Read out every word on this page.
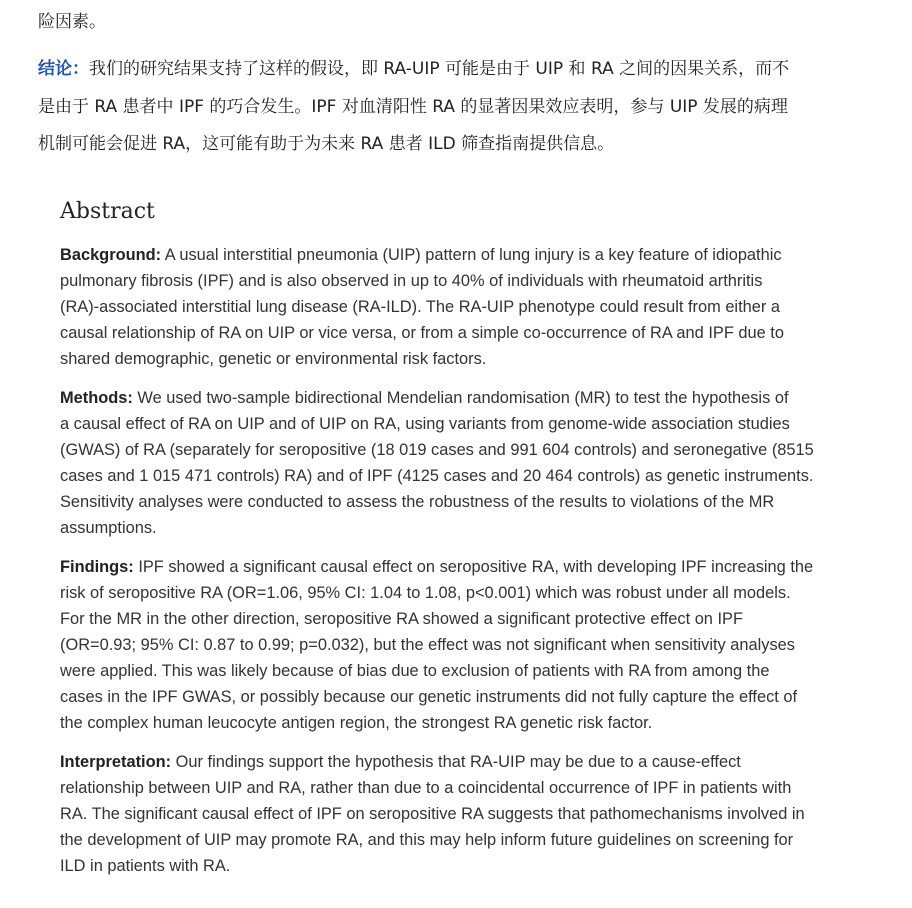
险因素。
结论：我们的研究结果支持了这样的假设，即 RA-UIP 可能是由于 UIP 和 RA 之间的因果关系，而不
是由于 RA 患者中 IPF 的巧合发生。IPF 对血清阳性 RA 的显著因果效应表明，参与 UIP 发展的病理
机制可能会促进 RA，这可能有助于为未来 RA 患者 ILD 筛查指南提供信息。
Abstract
Background: A usual interstitial pneumonia (UIP) pattern of lung injury is a key feature of idiopathic
pulmonary fibrosis (IPF) and is also observed in up to 40% of individuals with rheumatoid arthritis
(RA)-associated interstitial lung disease (RA-ILD). The RA-UIP phenotype could result from either a
causal relationship of RA on UIP or vice versa, or from a simple co-occurrence of RA and IPF due to
shared demographic, genetic or environmental risk factors.
Methods: We used two-sample bidirectional Mendelian randomisation (MR) to test the hypothesis of
a causal effect of RA on UIP and of UIP on RA, using variants from genome-wide association studies
(GWAS) of RA (separately for seropositive (18 019 cases and 991 604 controls) and seronegative (8515
cases and 1 015 471 controls) RA) and of IPF (4125 cases and 20 464 controls) as genetic instruments.
Sensitivity analyses were conducted to assess the robustness of the results to violations of the MR
assumptions.
Findings: IPF showed a significant causal effect on seropositive RA, with developing IPF increasing the
risk of seropositive RA (OR=1.06, 95% CI: 1.04 to 1.08, p<0.001) which was robust under all models.
For the MR in the other direction, seropositive RA showed a significant protective effect on IPF
(OR=0.93; 95% CI: 0.87 to 0.99; p=0.032), but the effect was not significant when sensitivity analyses
were applied. This was likely because of bias due to exclusion of patients with RA from among the
cases in the IPF GWAS, or possibly because our genetic instruments did not fully capture the effect of
the complex human leucocyte antigen region, the strongest RA genetic risk factor.
Interpretation: Our findings support the hypothesis that RA-UIP may be due to a cause-effect
relationship between UIP and RA, rather than due to a coincidental occurrence of IPF in patients with
RA. The significant causal effect of IPF on seropositive RA suggests that pathomechanisms involved in
the development of UIP may promote RA, and this may help inform future guidelines on screening for
ILD in patients with RA.
